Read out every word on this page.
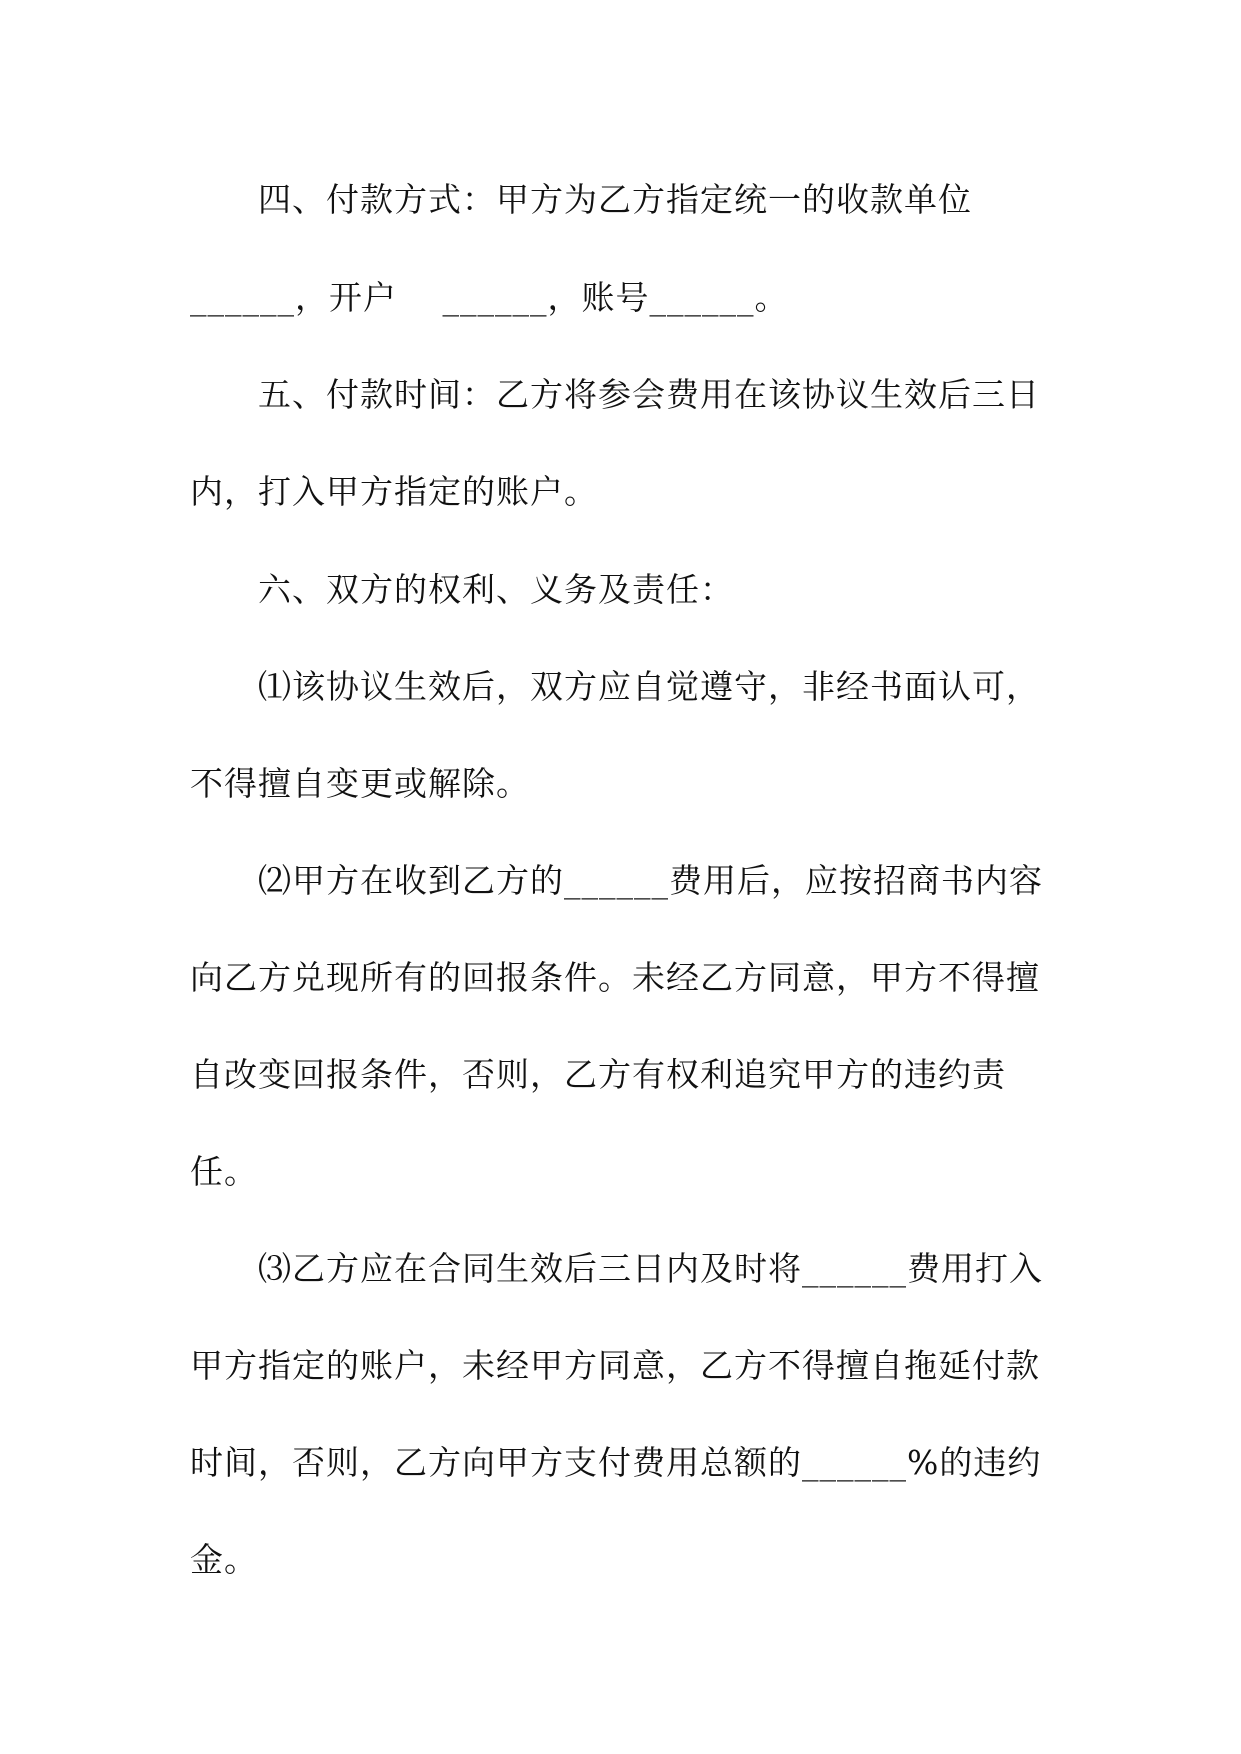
四、付款方式：甲方为乙方指定统一的收款单位
______，开户　 ______，账号______。
五、付款时间：乙方将参会费用在该协议生效后三日
内，打入甲方指定的账户。
六、双方的权利、义务及责任：
⑴该协议生效后，双方应自觉遵守，非经书面认可，
不得擅自变更或解除。
⑵甲方在收到乙方的______费用后，应按招商书内容
向乙方兑现所有的回报条件。未经乙方同意，甲方不得擅
自改变回报条件，否则，乙方有权利追究甲方的违约责
任。
⑶乙方应在合同生效后三日内及时将______费用打入
甲方指定的账户，未经甲方同意，乙方不得擅自拖延付款
时间，否则，乙方向甲方支付费用总额的______%的违约
金。
